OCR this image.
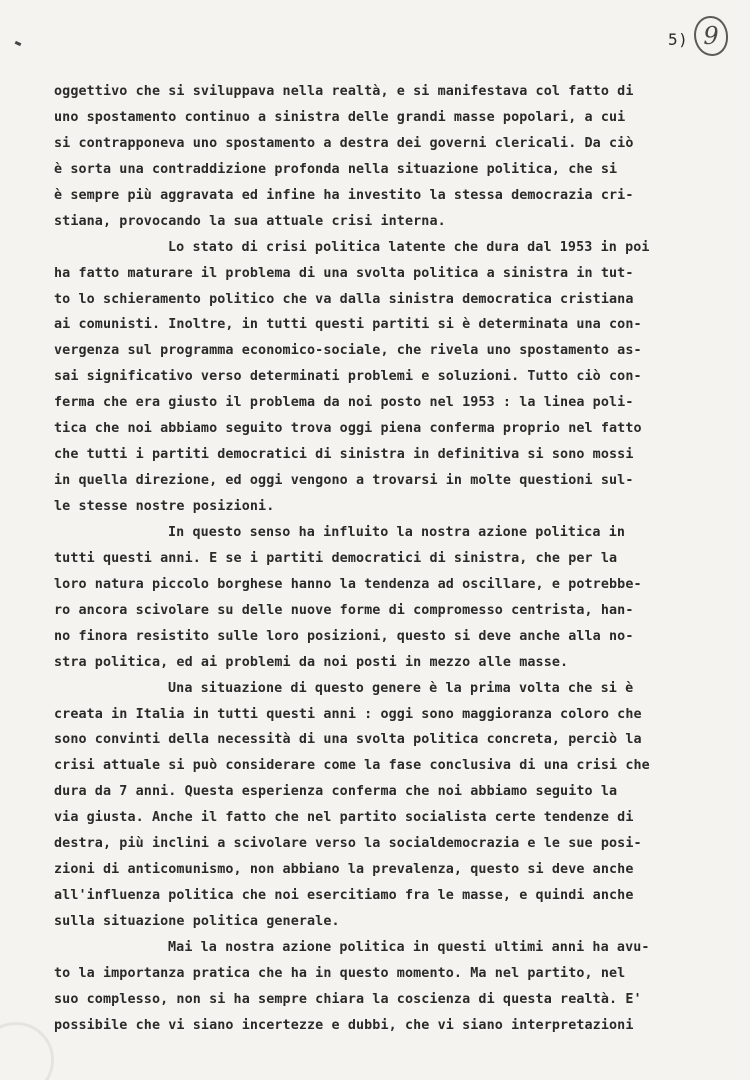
5) 9
oggettivo che si sviluppava nella realtà, e si manifestava col fatto di
uno spostamento continuo a sinistra delle grandi masse popolari, a cui
si contrapponeva uno spostamento a destra dei governi clericali. Da ciò
è sorta una contraddizione profonda nella situazione politica, che si
è sempre più aggravata ed infine ha investito la stessa democrazia cri-
stiana, provocando la sua attuale crisi interna.
Lo stato di crisi politica latente che dura dal 1953 in poi
ha fatto maturare il problema di una svolta politica a sinistra in tut-
to lo schieramento politico che va dalla sinistra democratica cristiana
ai comunisti. Inoltre, in tutti questi partiti si è determinata una con-
vergenza sul programma economico-sociale, che rivela uno spostamento as-
sai significativo verso determinati problemi e soluzioni. Tutto ciò con-
ferma che era giusto il problema da noi posto nel 1953 : la linea poli-
tica che noi abbiamo seguito trova oggi piena conferma proprio nel fatto
che tutti i partiti democratici di sinistra in definitiva si sono mossi
in quella direzione, ed oggi vengono a trovarsi in molte questioni sul-
le stesse nostre posizioni.
In questo senso ha influito la nostra azione politica in
tutti questi anni. E se i partiti democratici di sinistra, che per la
loro natura piccolo borghese hanno la tendenza ad oscillare, e potrebbe-
ro ancora scivolare su delle nuove forme di compromesso centrista, han-
no finora resistito sulle loro posizioni, questo si deve anche alla no-
stra politica, ed ai problemi da noi posti in mezzo alle masse.
Una situazione di questo genere è la prima volta che si è
creata in Italia in tutti questi anni : oggi sono maggioranza coloro che
sono convinti della necessità di una svolta politica concreta, perciò la
crisi attuale si può considerare come la fase conclusiva di una crisi che
dura da 7 anni. Questa esperienza conferma che noi abbiamo seguito la
via giusta. Anche il fatto che nel partito socialista certe tendenze di
destra, più inclini a scivolare verso la socialdemocrazia e le sue posi-
zioni di anticomunismo, non abbiano la prevalenza, questo si deve anche
all'influenza politica che noi esercitiamo fra le masse, e quindi anche
sulla situazione politica generale.
Mai la nostra azione politica in questi ultimi anni ha avu-
to la importanza pratica che ha in questo momento. Ma nel partito, nel
suo complesso, non si ha sempre chiara la coscienza di questa realtà. E'
possibile che vi siano incertezze e dubbi, che vi siano interpretazioni
